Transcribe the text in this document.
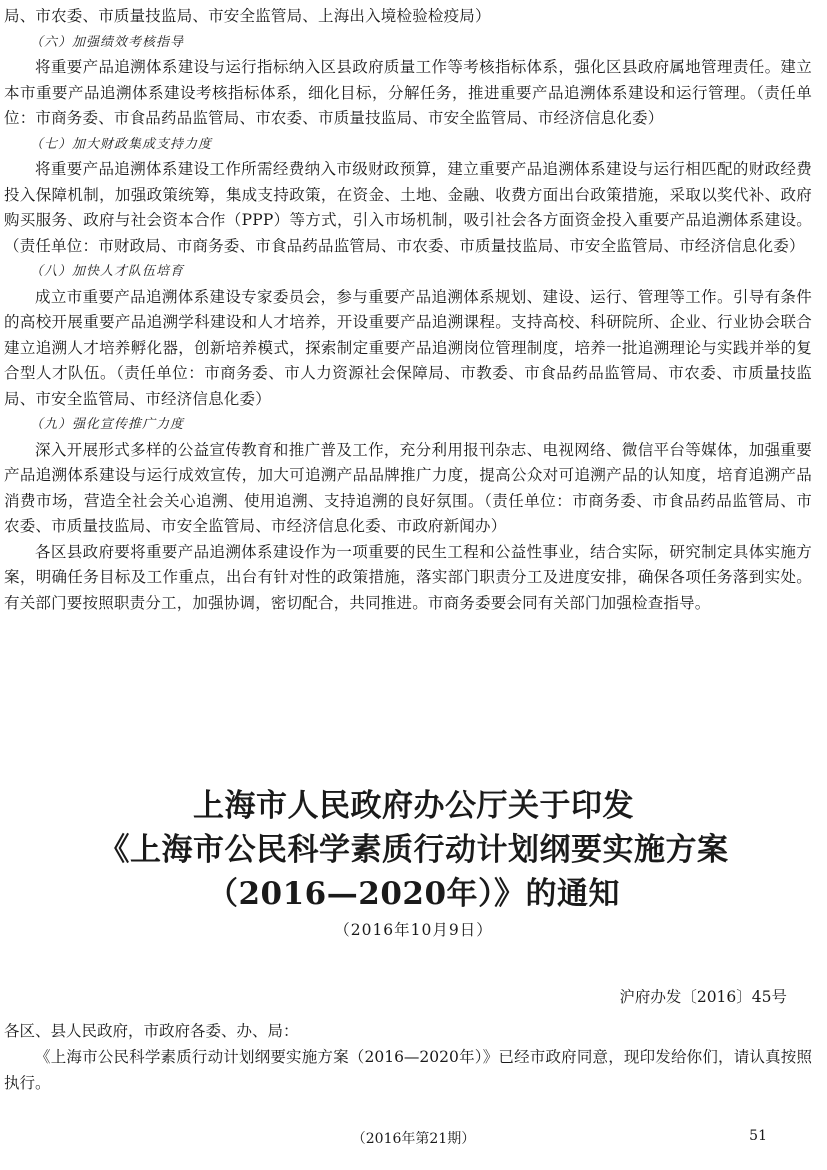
局、市农委、市质量技监局、市安全监管局、上海出入境检验检疫局）

（六）加强绩效考核指导

将重要产品追溯体系建设与运行指标纳入区县政府质量工作等考核指标体系，强化区县政府属地管理责任。建立本市重要产品追溯体系建设考核指标体系，细化目标，分解任务，推进重要产品追溯体系建设和运行管理。（责任单位：市商务委、市食品药品监管局、市农委、市质量技监局、市安全监管局、市经济信息化委）

（七）加大财政集成支持力度

将重要产品追溯体系建设工作所需经费纳入市级财政预算，建立重要产品追溯体系建设与运行相匹配的财政经费投入保障机制，加强政策统筹，集成支持政策，在资金、土地、金融、收费方面出台政策措施，采取以奖代补、政府购买服务、政府与社会资本合作（PPP）等方式，引入市场机制，吸引社会各方面资金投入重要产品追溯体系建设。（责任单位：市财政局、市商务委、市食品药品监管局、市农委、市质量技监局、市安全监管局、市经济信息化委）

（八）加快人才队伍培育

成立市重要产品追溯体系建设专家委员会，参与重要产品追溯体系规划、建设、运行、管理等工作。引导有条件的高校开展重要产品追溯学科建设和人才培养，开设重要产品追溯课程。支持高校、科研院所、企业、行业协会联合建立追溯人才培养孵化器，创新培养模式，探索制定重要产品追溯岗位管理制度，培养一批追溯理论与实践并举的复合型人才队伍。（责任单位：市商务委、市人力资源社会保障局、市教委、市食品药品监管局、市农委、市质量技监局、市安全监管局、市经济信息化委）

（九）强化宣传推广力度

深入开展形式多样的公益宣传教育和推广普及工作，充分利用报刊杂志、电视网络、微信平台等媒体，加强重要产品追溯体系建设与运行成效宣传，加大可追溯产品品牌推广力度，提高公众对可追溯产品的认知度，培育追溯产品消费市场，营造全社会关心追溯、使用追溯、支持追溯的良好氛围。（责任单位：市商务委、市食品药品监管局、市农委、市质量技监局、市安全监管局、市经济信息化委、市政府新闻办）

各区县政府要将重要产品追溯体系建设作为一项重要的民生工程和公益性事业，结合实际，研究制定具体实施方案，明确任务目标及工作重点，出台有针对性的政策措施，落实部门职责分工及进度安排，确保各项任务落到实处。有关部门要按照职责分工，加强协调，密切配合，共同推进。市商务委要会同有关部门加强检查指导。

上海市人民政府办公厅关于印发

《上海市公民科学素质行动计划纲要实施方案

（2016—2020年）》的通知

（2016年10月9日）

沪府办发〔2016〕45号

各区、县人民政府，市政府各委、办、局：

《上海市公民科学素质行动计划纲要实施方案（2016—2020年）》已经市政府同意，现印发给你们，请认真按照执行。

（2016年第21期）	51
